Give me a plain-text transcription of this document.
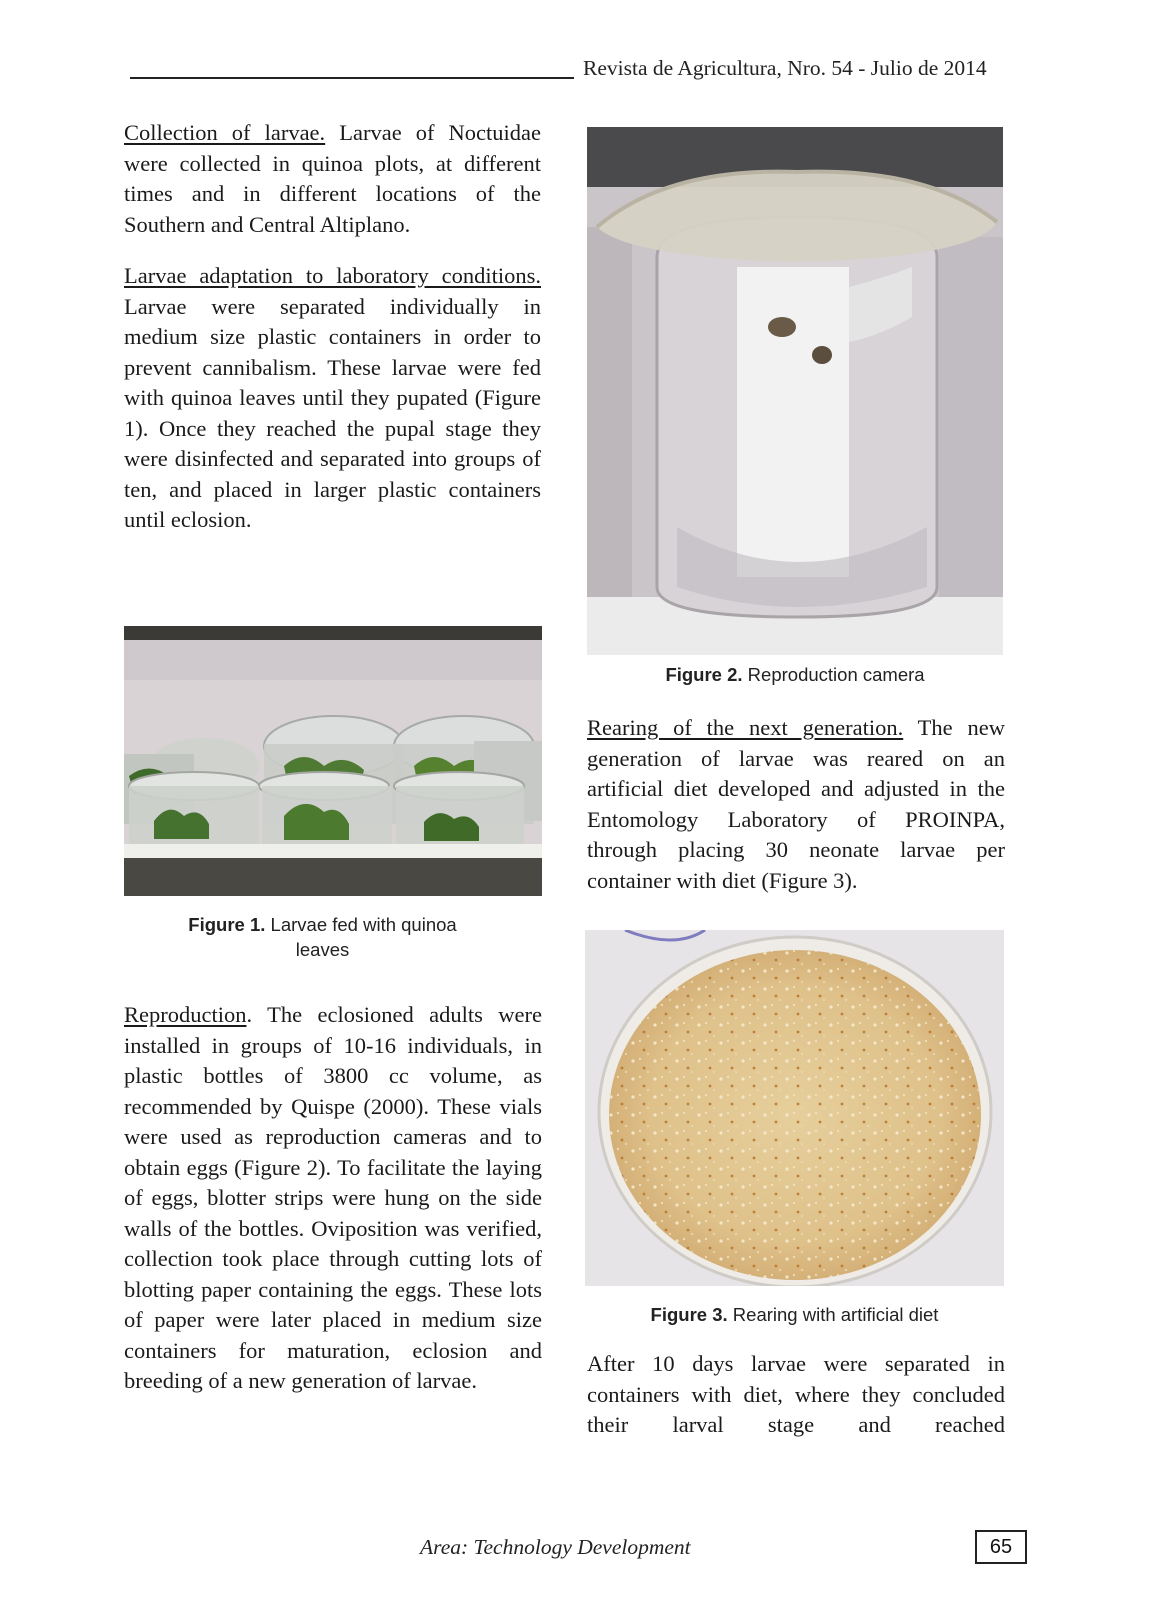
Revista de Agricultura, Nro. 54 - Julio de 2014

Collection of larvae. Larvae of Noctuidae were collected in quinoa plots, at different times and in different locations of the Southern and Central Altiplano.

Larvae adaptation to laboratory conditions. Larvae were separated individually in medium size plastic containers in order to prevent cannibalism. These larvae were fed with quinoa leaves until they pupated (Figure 1). Once they reached the pupal stage they were disinfected and separated into groups of ten, and placed in larger plastic containers until eclosion.

Figure 1. Larvae fed with quinoa leaves

Reproduction. The eclosioned adults were installed in groups of 10-16 individuals, in plastic bottles of 3800 cc volume, as recommended by Quispe (2000). These vials were used as reproduction cameras and to obtain eggs (Figure 2). To facilitate the laying of eggs, blotter strips were hung on the side walls of the bottles. Oviposition was verified, collection took place through cutting lots of blotting paper containing the eggs. These lots of paper were later placed in medium size containers for maturation, eclosion and breeding of a new generation of larvae.

Figure 2. Reproduction camera

Rearing of the next generation. The new generation of larvae was reared on an artificial diet developed and adjusted in the Entomology Laboratory of PROINPA, through placing 30 neonate larvae per container with diet (Figure 3).

Figure 3. Rearing with artificial diet

After 10 days larvae were separated in containers with diet, where they concluded their larval stage and reached

Area: Technology Development	65
